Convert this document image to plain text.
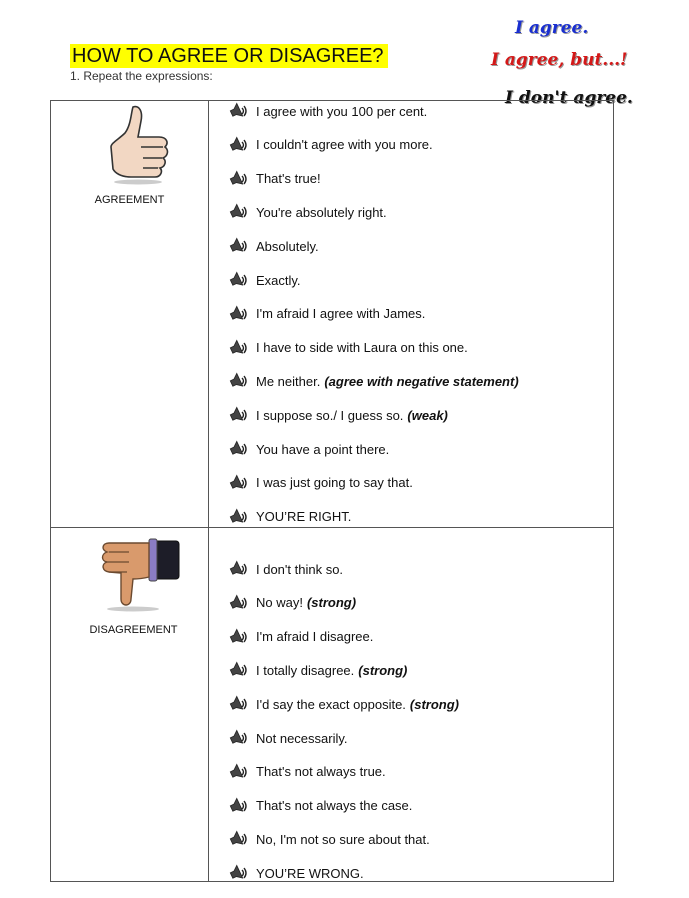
HOW TO AGREE OR DISAGREE?
1. Repeat the expressions:
I agree.
I agree, but...!
I don't agree.
AGREEMENT
DISAGREEMENT
I agree with you 100 per cent.
I couldn't agree with you more.
That's true!
You're absolutely right.
Absolutely.
Exactly.
I'm afraid I agree with James.
I have to side with Laura on this one.
Me neither. (agree with negative statement)
I suppose so./ I guess so. (weak)
You have a point there.
I was just going to say that.
YOU’RE RIGHT.
I don't think so.
No way! (strong)
I'm afraid I disagree.
I totally disagree. (strong)
I'd say the exact opposite. (strong)
Not necessarily.
That's not always true.
That's not always the case.
No, I'm not so sure about that.
YOU’RE WRONG.
